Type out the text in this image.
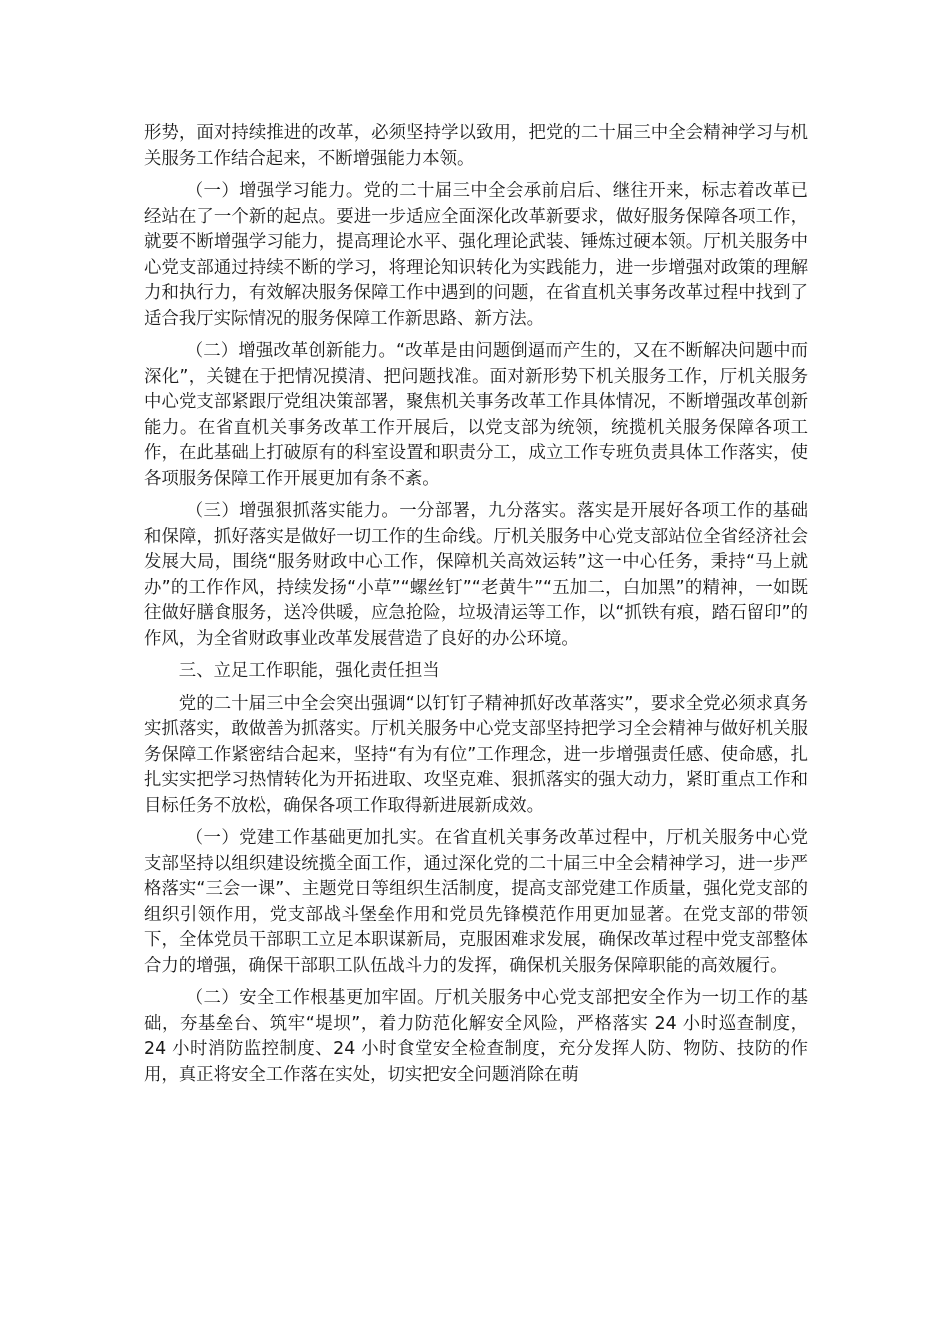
形势，面对持续推进的改革，必须坚持学以致用，把党的二十届三中全会精神学习与机关服务工作结合起来，不断增强能力本领。

（一）增强学习能力。党的二十届三中全会承前启后、继往开来，标志着改革已经站在了一个新的起点。要进一步适应全面深化改革新要求，做好服务保障各项工作，就要不断增强学习能力，提高理论水平、强化理论武装、锤炼过硬本领。厅机关服务中心党支部通过持续不断的学习，将理论知识转化为实践能力，进一步增强对政策的理解力和执行力，有效解决服务保障工作中遇到的问题，在省直机关事务改革过程中找到了适合我厅实际情况的服务保障工作新思路、新方法。

（二）增强改革创新能力。“改革是由问题倒逼而产生的，又在不断解决问题中而深化”，关键在于把情况摸清、把问题找准。面对新形势下机关服务工作，厅机关服务中心党支部紧跟厅党组决策部署，聚焦机关事务改革工作具体情况，不断增强改革创新能力。在省直机关事务改革工作开展后，以党支部为统领，统揽机关服务保障各项工作，在此基础上打破原有的科室设置和职责分工，成立工作专班负责具体工作落实，使各项服务保障工作开展更加有条不紊。

（三）增强狠抓落实能力。一分部署，九分落实。落实是开展好各项工作的基础和保障，抓好落实是做好一切工作的生命线。厅机关服务中心党支部站位全省经济社会发展大局，围绕“服务财政中心工作，保障机关高效运转”这一中心任务，秉持“马上就办”的工作作风，持续发扬“小草”“螺丝钉”“老黄牛”“五加二，白加黑”的精神，一如既往做好膳食服务，送冷供暖，应急抢险，垃圾清运等工作，以“抓铁有痕，踏石留印”的作风，为全省财政事业改革发展营造了良好的办公环境。

三、立足工作职能，强化责任担当

党的二十届三中全会突出强调“以钉钉子精神抓好改革落实”，要求全党必须求真务实抓落实，敢做善为抓落实。厅机关服务中心党支部坚持把学习全会精神与做好机关服务保障工作紧密结合起来，坚持“有为有位”工作理念，进一步增强责任感、使命感，扎扎实实把学习热情转化为开拓进取、攻坚克难、狠抓落实的强大动力，紧盯重点工作和目标任务不放松，确保各项工作取得新进展新成效。

（一）党建工作基础更加扎实。在省直机关事务改革过程中，厅机关服务中心党支部坚持以组织建设统揽全面工作，通过深化党的二十届三中全会精神学习，进一步严格落实“三会一课”、主题党日等组织生活制度，提高支部党建工作质量，强化党支部的组织引领作用，党支部战斗堡垒作用和党员先锋模范作用更加显著。在党支部的带领下，全体党员干部职工立足本职谋新局，克服困难求发展，确保改革过程中党支部整体合力的增强，确保干部职工队伍战斗力的发挥，确保机关服务保障职能的高效履行。

（二）安全工作根基更加牢固。厅机关服务中心党支部把安全作为一切工作的基础，夯基垒台、筑牢“堤坝”，着力防范化解安全风险，严格落实 24 小时巡查制度，24 小时消防监控制度、24 小时食堂安全检查制度，充分发挥人防、物防、技防的作用，真正将安全工作落在实处，切实把安全问题消除在萌
